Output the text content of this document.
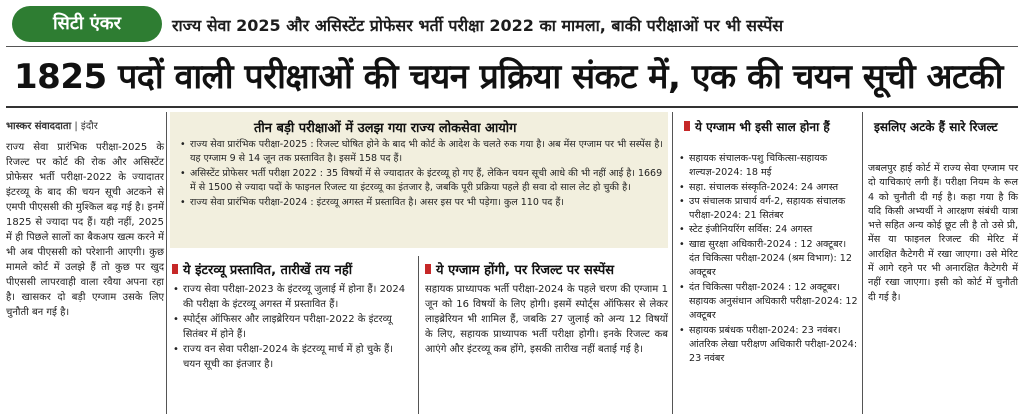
सिटी एंकर	राज्य सेवा 2025 और असिस्टेंट प्रोफेसर भर्ती परीक्षा 2022 का मामला, बाकी परीक्षाओं पर भी सस्पेंस
1825 पदों वाली परीक्षाओं की चयन प्रक्रिया संकट में, एक की चयन सूची अटकी
भास्कर संवाददाता | इंदौर

राज्य सेवा प्रारंभिक परीक्षा-2025 के रिजल्ट पर कोर्ट की रोक और असिस्टेंट प्रोफेसर भर्ती परीक्षा-2022 के ज्यादातर इंटरव्यू के बाद की चयन सूची अटकने से एमपी पीएससी की मुश्किल बढ़ गई है। इनमें 1825 से ज्यादा पद हैं। यही नहीं, 2025 में ही पिछले सालों का बैकअप खत्म करने में भी अब पीएससी को परेशानी आएगी। कुछ मामले कोर्ट में उलझे हैं तो कुछ पर खुद पीएससी लापरवाही वाला रवैया अपना रहा है। खासकर दो बड़ी एग्जाम उसके लिए चुनौती बन गई है।

तीन बड़ी परीक्षाओं में उलझ गया राज्य लोकसेवा आयोग
• राज्य सेवा प्रारंभिक परीक्षा-2025 : रिजल्ट घोषित होने के बाद भी कोर्ट के आदेश के चलते रुक गया है। अब मेंस एग्जाम पर भी सस्पेंस है। यह एग्जाम 9 से 14 जून तक प्रस्तावित है। इसमें 158 पद हैं।
• असिस्टेंट प्रोफेसर भर्ती परीक्षा 2022 : 35 विषयों में से ज्यादातर के इंटरव्यू हो गए हैं, लेकिन चयन सूची आधे की भी नहीं आई है। 1669 में से 1500 से ज्यादा पदों के फाइनल रिजल्ट या इंटरव्यू का इंतजार है, जबकि पूरी प्रक्रिया पहले ही सवा दो साल लेट हो चुकी है।
• राज्य सेवा प्रारंभिक परीक्षा-2024 : इंटरव्यू अगस्त में प्रस्तावित है। असर इस पर भी पड़ेगा। कुल 110 पद हैं।
ये इंटरव्यू प्रस्तावित, तारीखें तय नहीं
• राज्य सेवा परीक्षा-2023 के इंटरव्यू जुलाई में होना हैं। 2024 की परीक्षा के इंटरव्यू अगस्त में प्रस्तावित हैं।
• स्पोर्ट्स ऑफिसर और लाइब्रेरियन परीक्षा-2022 के इंटरव्यू सितंबर में होने हैं।
• राज्य वन सेवा परीक्षा-2024 के इंटरव्यू मार्च में हो चुके हैं। चयन सूची का इंतजार है।
ये एग्जाम होंगी, पर रिजल्ट पर सस्पेंस

सहायक प्राध्यापक भर्ती परीक्षा-2024 के पहले चरण की एग्जाम 1 जून को 16 विषयों के लिए होगी। इसमें स्पोर्ट्स ऑफिसर से लेकर लाइब्रेरियन भी शामिल हैं, जबकि 27 जुलाई को अन्य 12 विषयों के लिए, सहायक प्राध्यापक भर्ती परीक्षा होगी। इनके रिजल्ट कब आएंगे और इंटरव्यू कब होंगे, इसकी तारीख नहीं बताई गई है।

ये एग्जाम भी इसी साल होना हैं
• सहायक संचालक-पशु चिकित्सा-सहायक शल्यज्ञ-2024: 18 मई
• सहा. संचालक संस्कृति-2024: 24 अगस्त
• उप संचालक प्राचार्य वर्ग-2, सहायक संचालक परीक्षा-2024: 21 सितंबर
• स्टेट इंजीनियरिंग सर्विस: 24 अगस्त
• खाद्य सुरक्षा अधिकारी-2024 : 12 अक्टूबर। दंत चिकित्सा परीक्षा-2024 (श्रम विभाग): 12 अक्टूबर
• दंत चिकित्सा परीक्षा-2024 : 12 अक्टूबर। सहायक अनुसंधान अधिकारी परीक्षा-2024: 12 अक्टूबर
• सहायक प्रबंधक परीक्षा-2024: 23 नवंबर। आंतरिक लेखा परीक्षण अधिकारी परीक्षा-2024: 23 नवंबर
इसलिए अटके हैं सारे रिजल्ट

जबलपुर हाई कोर्ट में राज्य सेवा एग्जाम पर दो याचिकाएं लगी हैं। परीक्षा नियम के रूल 4 को चुनौती दी गई है। कहा गया है कि यदि किसी अभ्यर्थी ने आरक्षण संबंधी यात्रा भत्ते सहित अन्य कोई छूट ली है तो उसे प्री, मेंस या फाइनल रिजल्ट की मेरिट में आरक्षित कैटेगरी में रखा जाएगा। उसे मेरिट में आगे रहने पर भी अनारक्षित कैटेगरी में नहीं रखा जाएगा। इसी को कोर्ट में चुनौती दी गई है।
